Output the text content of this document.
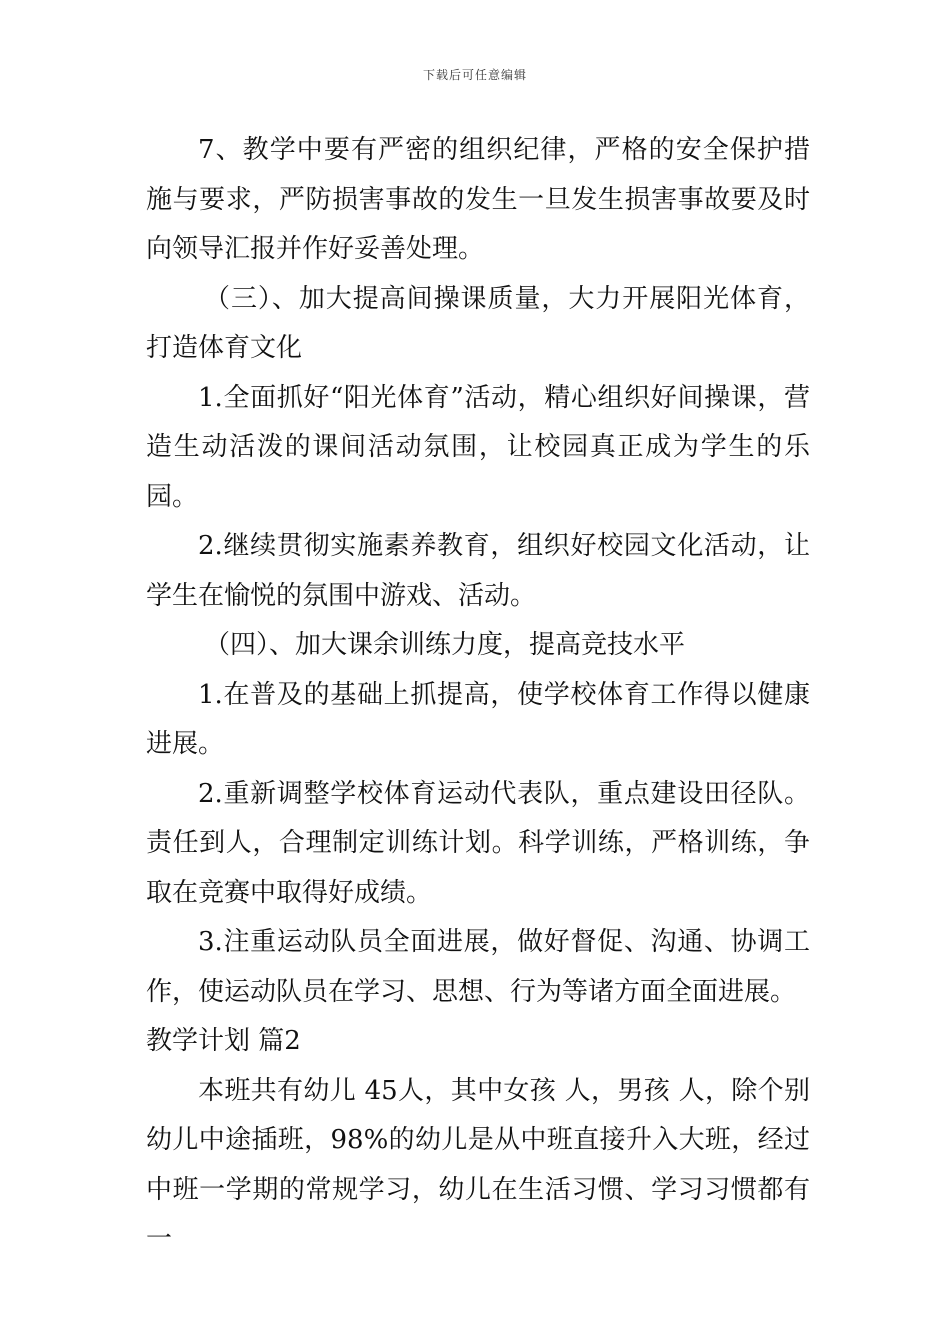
下载后可任意编辑

7、教学中要有严密的组织纪律，严格的安全保护措施与要求，严防损害事故的发生一旦发生损害事故要及时向领导汇报并作好妥善处理。

（三）、加大提高间操课质量，大力开展阳光体育，打造体育文化

1.全面抓好“阳光体育”活动，精心组织好间操课，营造生动活泼的课间活动氛围，让校园真正成为学生的乐园。

2.继续贯彻实施素养教育，组织好校园文化活动，让学生在愉悦的氛围中游戏、活动。

（四）、加大课余训练力度，提高竞技水平

1.在普及的基础上抓提高，使学校体育工作得以健康进展。

2.重新调整学校体育运动代表队，重点建设田径队。责任到人，合理制定训练计划。科学训练，严格训练，争取在竞赛中取得好成绩。

3.注重运动队员全面进展，做好督促、沟通、协调工作，使运动队员在学习、思想、行为等诸方面全面进展。

教学计划 篇2

本班共有幼儿 45人，其中女孩 人，男孩 人，除个别幼儿中途插班，98%的幼儿是从中班直接升入大班，经过中班一学期的常规学习，幼儿在生活习惯、学习习惯都有一
